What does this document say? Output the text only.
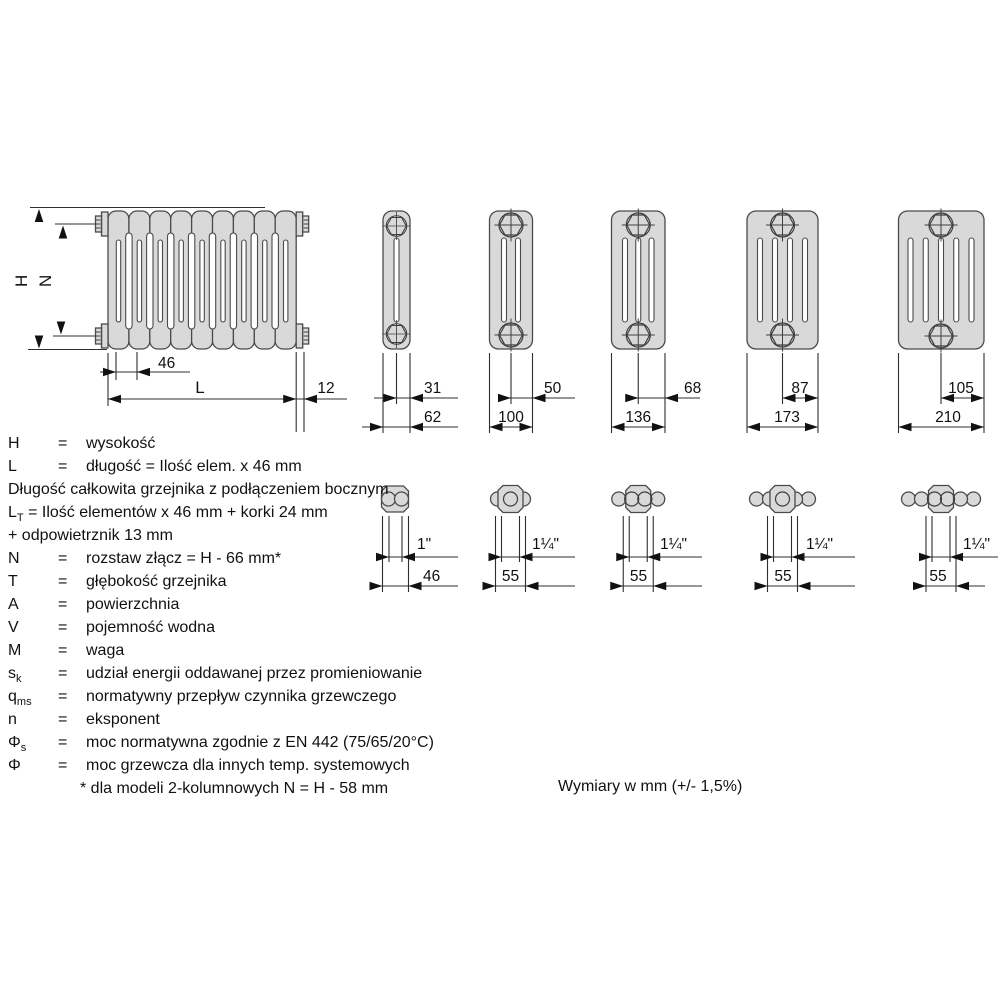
H N
46
L	12	31
62
50
100
68
136
87
173
105
210
1"
46
1¼"
55
1¼"
55
1¼"
55
1¼"
55
H	=	wysokość
L	=	długość = Ilość elem. x 46 mm
Długość całkowita grzejnika z podłączeniem bocznym
$L_T$ = Ilość elementów x 46 mm + korki 24 mm
+ odpowietrznik 13 mm
N	=	rozstaw złącz = H - 66 mm*
T	=	głębokość grzejnika
A	=	powierzchnia
V	=	pojemność wodna
M	=	waga
$s_k$	=	udział energii oddawanej przez promieniowanie
$q_{ms}$	=	normatywny przepływ czynnika grzewczego
n	=	eksponent
$\Phi_s$	=	moc normatywna zgodnie z EN 442 (75/65/20°C)
Φ	=	moc grzewcza dla innych temp. systemowych
* dla modeli 2-kolumnowych N = H - 58 mm	Wymiary w mm (+/- 1,5%)
